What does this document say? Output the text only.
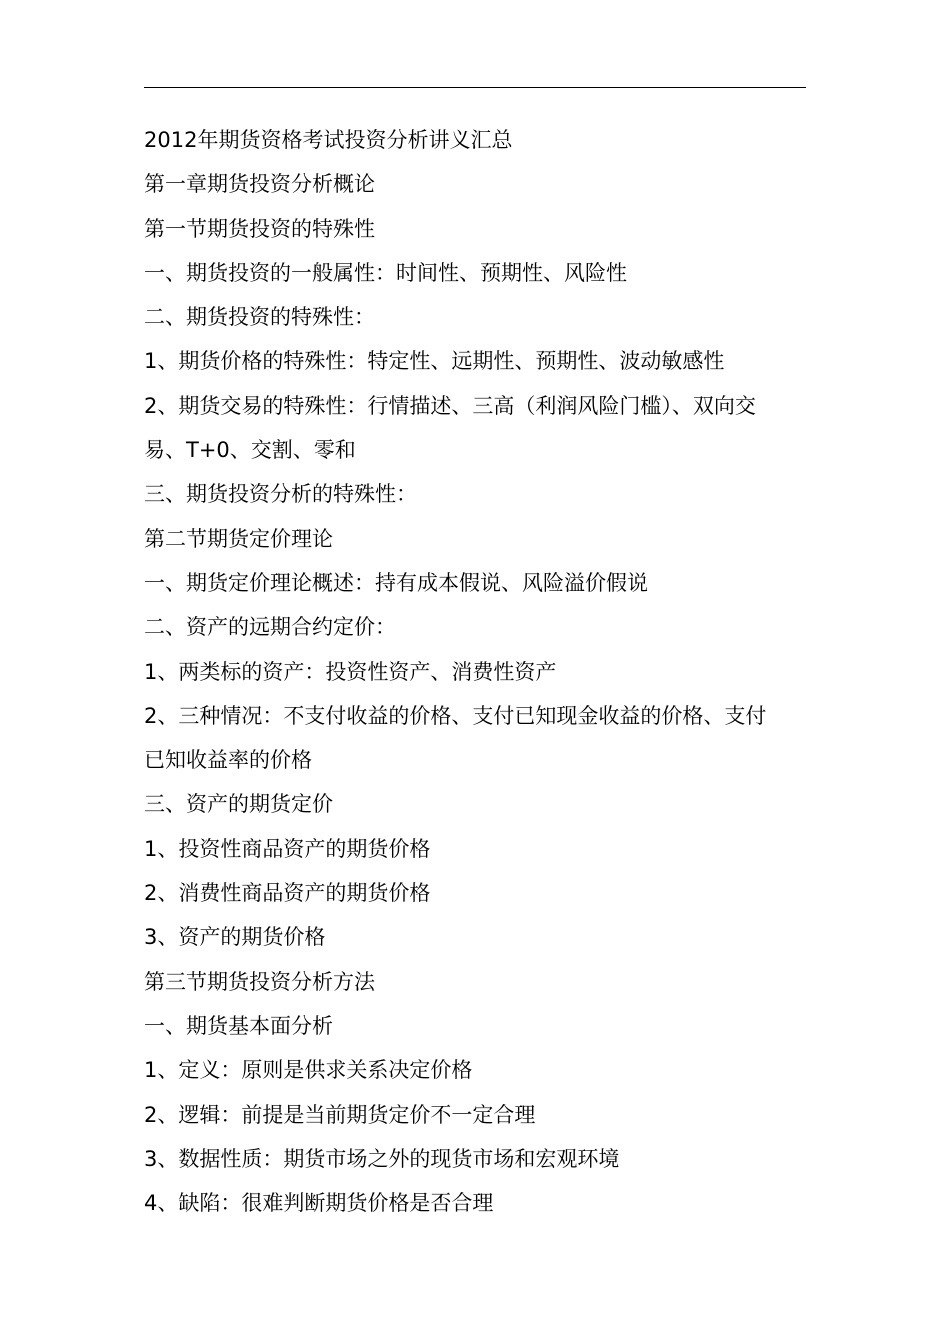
2012年期货资格考试投资分析讲义汇总
第一章期货投资分析概论
第一节期货投资的特殊性
一、期货投资的一般属性：时间性、预期性、风险性
二、期货投资的特殊性：
1、期货价格的特殊性：特定性、远期性、预期性、波动敏感性
2、期货交易的特殊性：行情描述、三高（利润风险门槛）、双向交
易、T+0、交割、零和
三、期货投资分析的特殊性：
第二节期货定价理论
一、期货定价理论概述：持有成本假说、风险溢价假说
二、资产的远期合约定价：
1、两类标的资产：投资性资产、消费性资产
2、三种情况：不支付收益的价格、支付已知现金收益的价格、支付
已知收益率的价格
三、资产的期货定价
1、投资性商品资产的期货价格
2、消费性商品资产的期货价格
3、资产的期货价格
第三节期货投资分析方法
一、期货基本面分析
1、定义：原则是供求关系决定价格
2、逻辑：前提是当前期货定价不一定合理
3、数据性质：期货市场之外的现货市场和宏观环境
4、缺陷：很难判断期货价格是否合理
